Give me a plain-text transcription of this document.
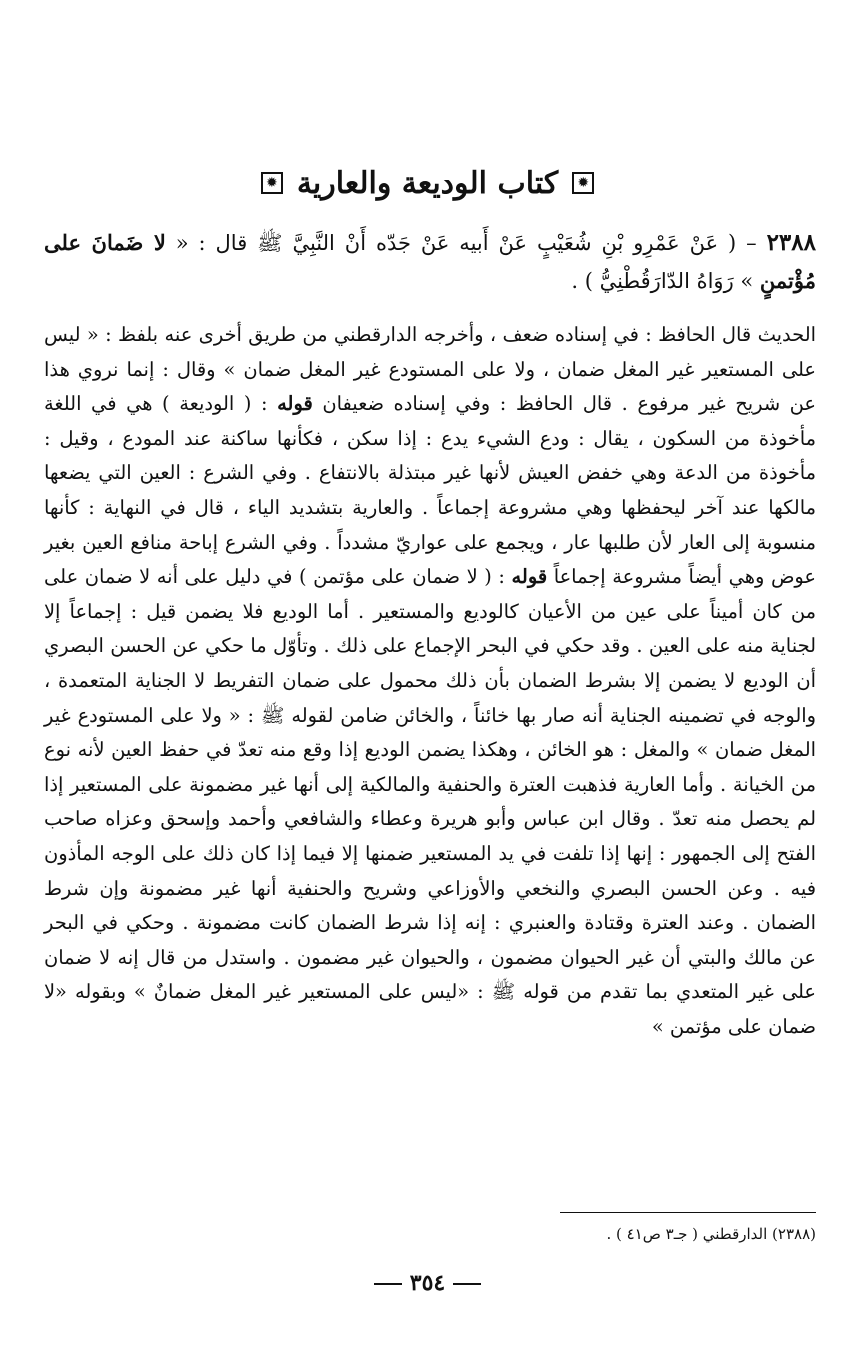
✹
كتاب الوديعة والعارية
✹
٢٣٨٨ – ( عَنْ عَمْرِو بْنِ شُعَيْبٍ عَنْ أَبيه عَنْ جَدّه أَنْ النَّبِيَّ ﷺ قال : « لا ضَمانَ على مُؤْتمنٍ » رَوَاهُ الدّارَقُطْنِيُّ ) .
الحديث قال الحافظ : في إسناده ضعف ، وأخرجه الدارقطني من طريق أخرى عنه بلفظ : « ليس على المستعير غير المغل ضمان ، ولا على المستودع غير المغل ضمان » وقال : إنما نروي هذا عن شريح غير مرفوع . قال الحافظ : وفي إسناده ضعيفان قوله : ( الوديعة ) هي في اللغة مأخوذة من السكون ، يقال : ودع الشيء يدع : إذا سكن ، فكأنها ساكنة عند المودع ، وقيل : مأخوذة من الدعة وهي خفض العيش لأنها غير مبتذلة بالانتفاع . وفي الشرع : العين التي يضعها مالكها عند آخر ليحفظها وهي مشروعة إجماعاً . والعارية بتشديد الياء ، قال في النهاية : كأنها منسوبة إلى العار لأن طلبها عار ، ويجمع على عواريّ مشدداً . وفي الشرع إباحة منافع العين بغير عوض وهي أيضاً مشروعة إجماعاً قوله : ( لا ضمان على مؤتمن ) في دليل على أنه لا ضمان على من كان أميناً على عين من الأعيان كالوديع والمستعير . أما الوديع فلا يضمن قيل : إجماعاً إلا لجناية منه على العين . وقد حكي في البحر الإجماع على ذلك . وتأوّل ما حكي عن الحسن البصري أن الوديع لا يضمن إلا بشرط الضمان بأن ذلك محمول على ضمان التفريط لا الجناية المتعمدة ، والوجه في تضمينه الجناية أنه صار بها خائناً ، والخائن ضامن لقوله ﷺ : « ولا على المستودع غير المغل ضمان » والمغل : هو الخائن ، وهكذا يضمن الوديع إذا وقع منه تعدّ في حفظ العين لأنه نوع من الخيانة . وأما العارية فذهبت العترة والحنفية والمالكية إلى أنها غير مضمونة على المستعير إذا لم يحصل منه تعدّ . وقال ابن عباس وأبو هريرة وعطاء والشافعي وأحمد وإسحق وعزاه صاحب الفتح إلى الجمهور : إنها إذا تلفت في يد المستعير ضمنها إلا فيما إذا كان ذلك على الوجه المأذون فيه . وعن الحسن البصري والنخعي والأوزاعي وشريح والحنفية أنها غير مضمونة وإن شرط الضمان . وعند العترة وقتادة والعنبري : إنه إذا شرط الضمان كانت مضمونة . وحكي في البحر عن مالك والبتي أن غير الحيوان مضمون ، والحيوان غير مضمون . واستدل من قال إنه لا ضمان على غير المتعدي بما تقدم من قوله ﷺ : «ليس على المستعير غير المغل ضمانٌ » وبقوله «لا ضمان على مؤتمن »
(٢٣٨٨) الدارقطني ( جـ٣ ص٤١ ) .
٣٥٤
